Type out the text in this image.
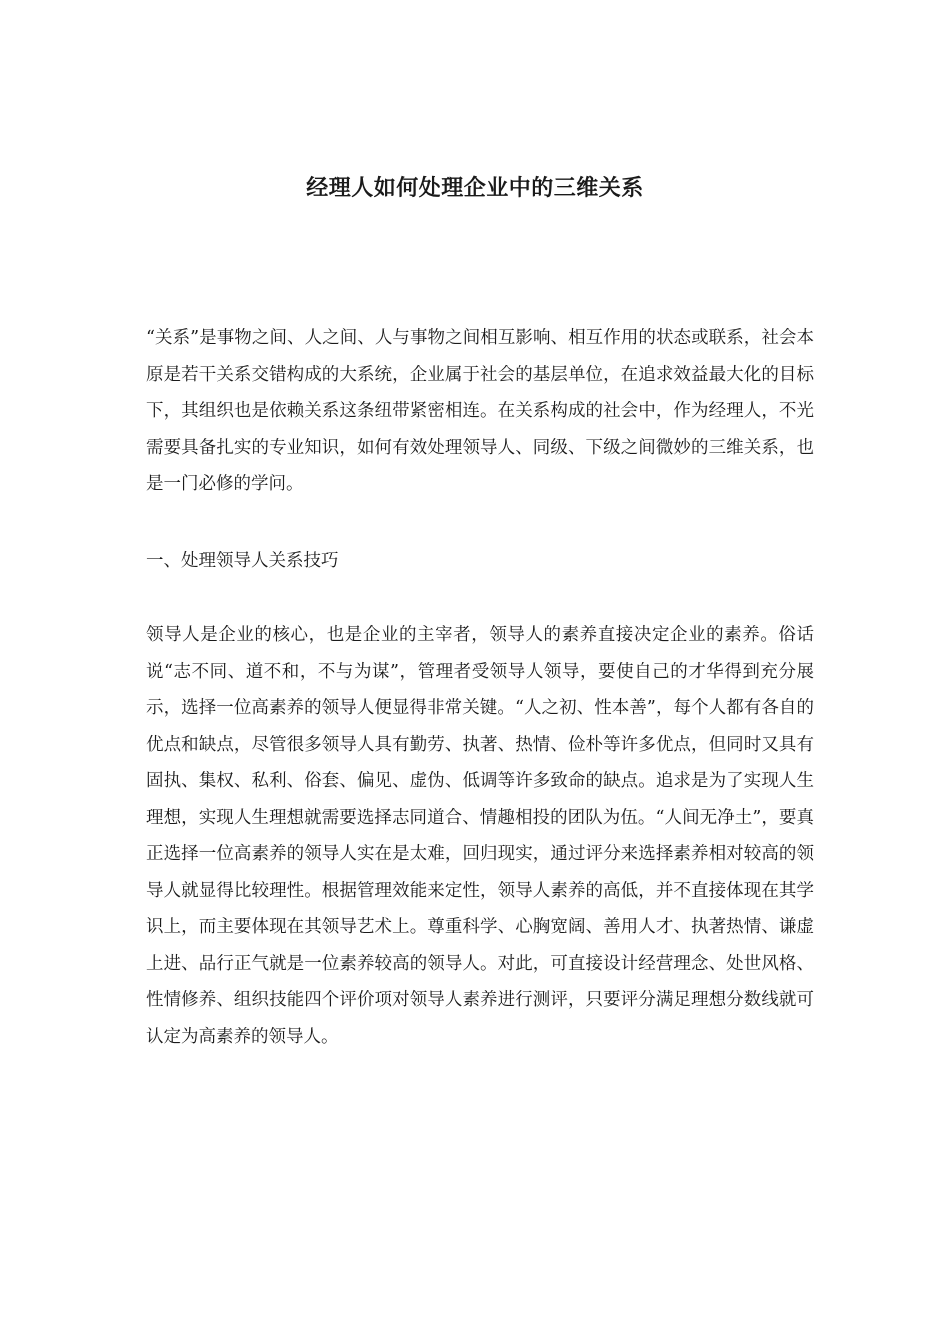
经理人如何处理企业中的三维关系

“关系”是事物之间、人之间、人与事物之间相互影响、相互作用的状态或联系，社会本原是若干关系交错构成的大系统，企业属于社会的基层单位，在追求效益最大化的目标下，其组织也是依赖关系这条纽带紧密相连。在关系构成的社会中，作为经理人，不光需要具备扎实的专业知识，如何有效处理领导人、同级、下级之间微妙的三维关系，也是一门必修的学问。

一、处理领导人关系技巧

领导人是企业的核心，也是企业的主宰者，领导人的素养直接决定企业的素养。俗话说“志不同、道不和，不与为谋”，管理者受领导人领导，要使自己的才华得到充分展示，选择一位高素养的领导人便显得非常关键。“人之初、性本善”，每个人都有各自的优点和缺点，尽管很多领导人具有勤劳、执著、热情、俭朴等许多优点，但同时又具有固执、集权、私利、俗套、偏见、虚伪、低调等许多致命的缺点。追求是为了实现人生理想，实现人生理想就需要选择志同道合、情趣相投的团队为伍。“人间无净土”，要真正选择一位高素养的领导人实在是太难，回归现实，通过评分来选择素养相对较高的领导人就显得比较理性。根据管理效能来定性，领导人素养的高低，并不直接体现在其学识上，而主要体现在其领导艺术上。尊重科学、心胸宽阔、善用人才、执著热情、谦虚上进、品行正气就是一位素养较高的领导人。对此，可直接设计经营理念、处世风格、性情修养、组织技能四个评价项对领导人素养进行测评，只要评分满足理想分数线就可认定为高素养的领导人。
